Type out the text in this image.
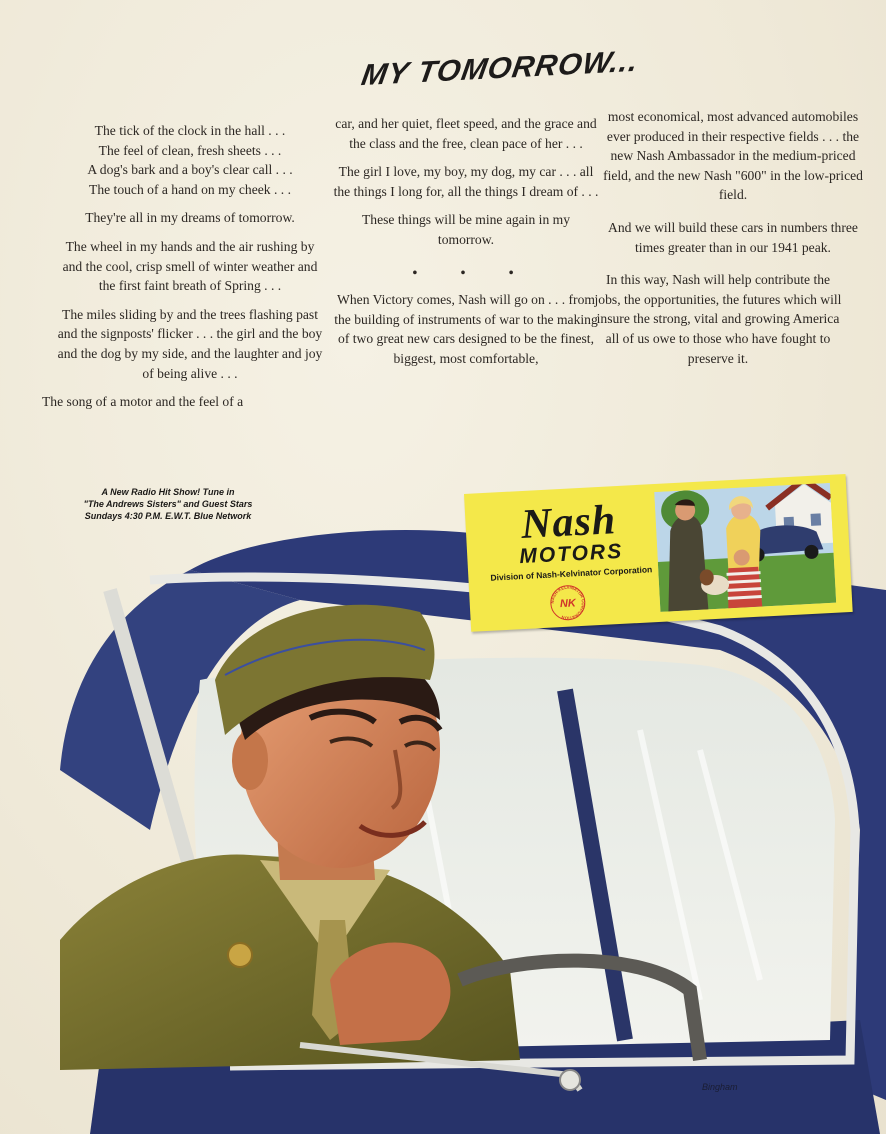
MY TOMORROW...

The tick of the clock in the hall . . .
The feel of clean, fresh sheets . . .
A dog's bark and a boy's clear call . . .
The touch of a hand on my cheek . . .

They're all in my dreams of tomorrow.

The wheel in my hands and the air rushing by and the cool, crisp smell of winter weather and the first faint breath of Spring . . .

The miles sliding by and the trees flashing past and the signposts' flicker . . . the girl and the boy and the dog by my side, and the laughter and joy of being alive . . .

The song of a motor and the feel of a

car, and her quiet, fleet speed, and the grace and the class and the free, clean pace of her . . .

The girl I love, my boy, my dog, my car . . . all the things I long for, all the things I dream of . . .

These things will be mine again in my tomorrow.

• • •

When Victory comes, Nash will go on . . . from the building of instruments of war to the making of two great new cars designed to be the finest, biggest, most comfortable,

most economical, most advanced automobiles ever produced in their respective fields . . . the new Nash Ambassador in the medium-priced field, and the new Nash "600" in the low-priced field.

And we will build these cars in numbers three times greater than in our 1941 peak.

In this way, Nash will help contribute the jobs, the opportunities, the futures which will insure the strong, vital and growing America all of us owe to those who have fought to preserve it.

A New Radio Hit Show! Tune in
"The Andrews Sisters" and Guest Stars
Sundays 4:30 P.M. E.W.T. Blue Network	Nash
MOTORS
Division of Nash-Kelvinator Corporation
NASH-KELVINATOR CORPORATION
NK
Bingham
